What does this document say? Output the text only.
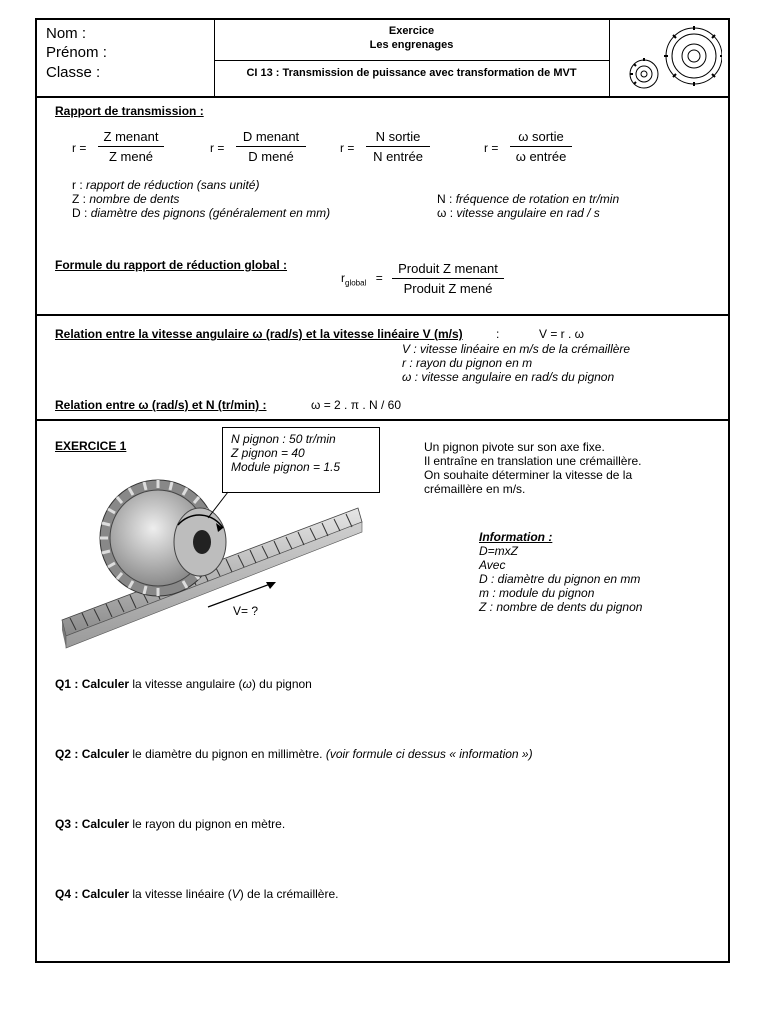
Nom :
Prénom :
Classe :
Exercice
Les engrenages
CI 13 : Transmission de puissance avec transformation de MVT
Rapport de transmission :
r =
Z menant
Z mené
r =
D menant
D mené
r =
N sortie
N entrée
r =
ω sortie
ω entrée
r : rapport de réduction (sans unité)
Z : nombre de dents
D : diamètre des pignons (généralement en mm)
N : fréquence de rotation en tr/min
ω : vitesse angulaire en rad / s
Formule du rapport de réduction global :
$r_{global}$ =
Produit Z menant
Produit Z mené
Relation entre la vitesse angulaire ω (rad/s) et la vitesse linéaire V (m/s)	:	V = r . ω
V : vitesse linéaire en m/s de la crémaillère
r : rayon du pignon en m
ω : vitesse angulaire en rad/s du pignon
Relation entre ω (rad/s) et N (tr/min) :	ω = 2 . π . N / 60
EXERCICE 1	N pignon : 50 tr/min
Z pignon = 40
Module pignon = 1.5
Un pignon pivote sur son axe fixe.
Il entraîne en translation une crémaillère.
On souhaite déterminer la vitesse de la
crémaillère en m/s.
Information :
D=mxZ
Avec
D : diamètre du pignon en mm
m : module du pignon
Z : nombre de dents du pignon
V= ?
Q1 : Calculer la vitesse angulaire (ω) du pignon
Q2 : Calculer le diamètre du pignon en millimètre. (voir formule ci dessus « information »)
Q3 : Calculer le rayon du pignon en mètre.
Q4 : Calculer la vitesse linéaire (V) de la crémaillère.
